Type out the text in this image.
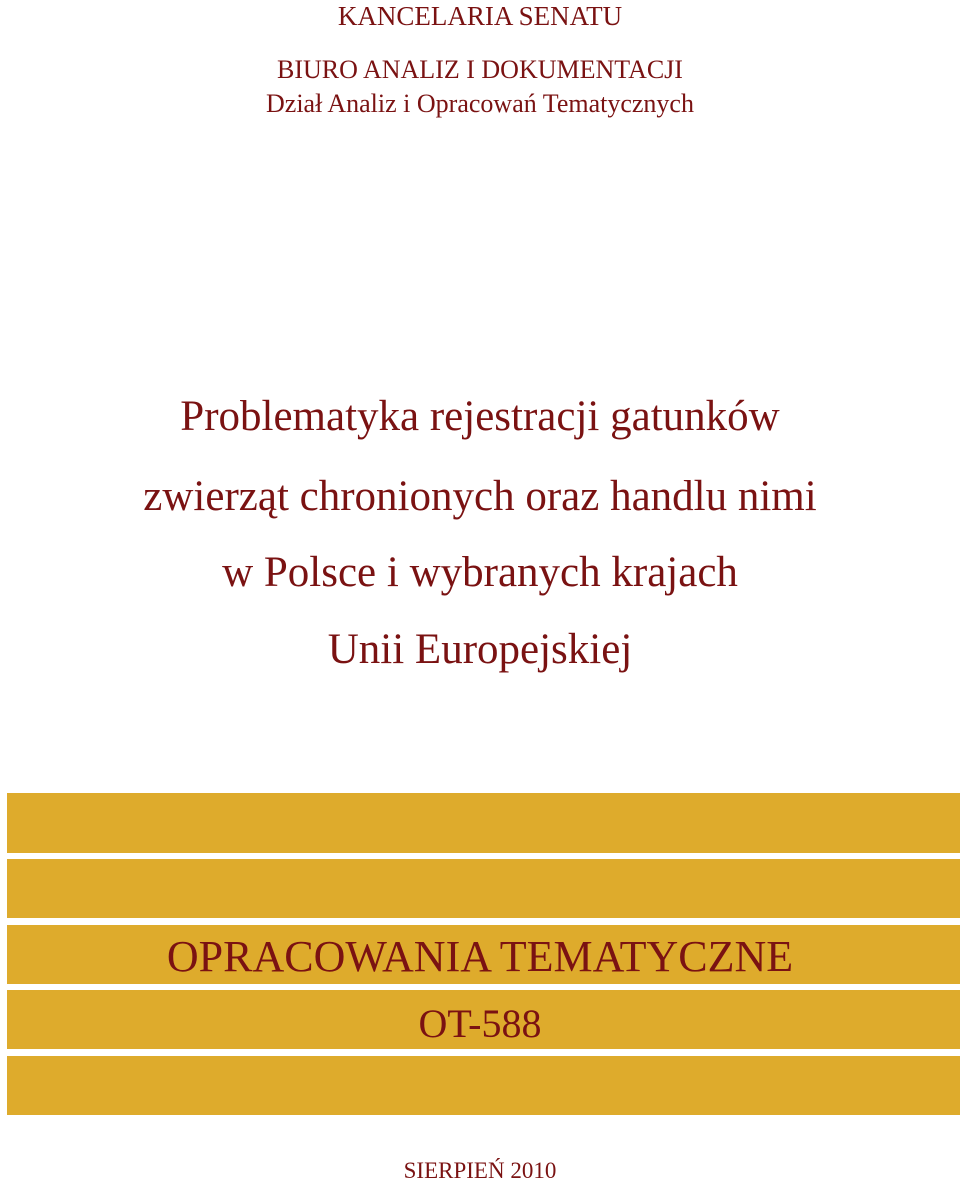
KANCELARIA SENATU
BIURO ANALIZ I DOKUMENTACJI
Dział Analiz i Opracowań Tematycznych
Problematyka rejestracji gatunków
zwierząt chronionych oraz handlu nimi
w Polsce i wybranych krajach
Unii Europejskiej
OPRACOWANIA TEMATYCZNE
OT-588
SIERPIEŃ 2010
